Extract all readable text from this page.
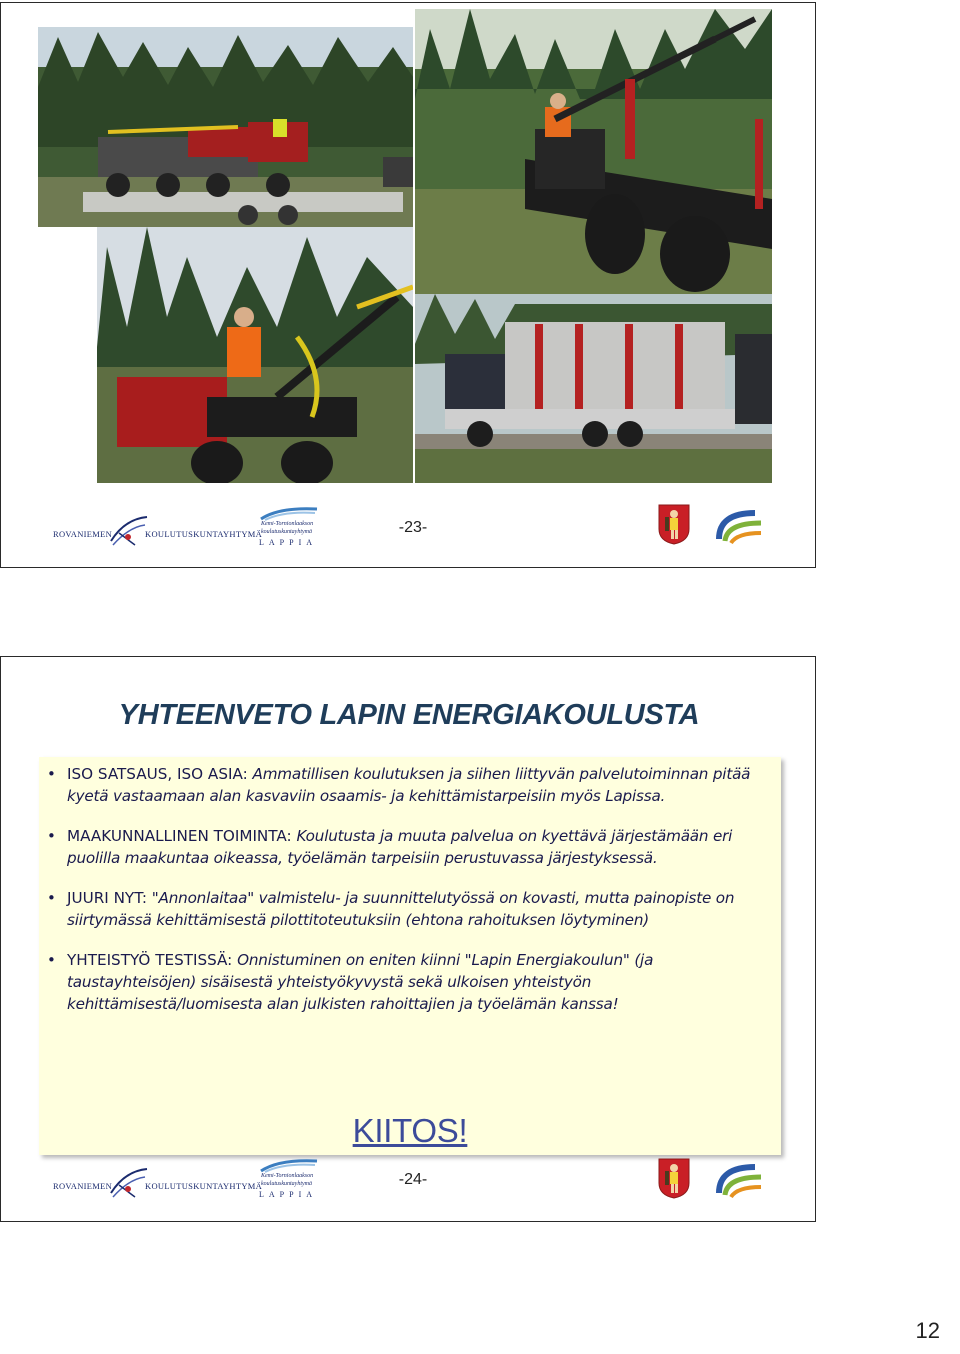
ROVANIEMEN	KOULUTUSKUNTAYHTYMÄ
Kemi-Tornionlaakson
koulutuskuntayhtymä
LAPPIA
-23-
YHTEENVETO LAPIN ENERGIAKOULUSTA
• ISO SATSAUS, ISO ASIA: Ammatillisen koulutuksen ja siihen liittyvän palvelutoiminnan pitää kyetä vastaamaan alan kasvaviin osaamis- ja kehittämistarpeisiin myös Lapissa.
• MAAKUNNALLINEN TOIMINTA: Koulutusta ja muuta palvelua on kyettävä järjestämään eri puolilla maakuntaa oikeassa, työelämän tarpeisiin perustuvassa järjestyksessä.
• JUURI NYT: "Annonlaitaa" valmistelu- ja suunnittelutyössä on kovasti, mutta painopiste on siirtymässä kehittämisestä pilottitoteutuksiin (ehtona rahoituksen löytyminen)
• YHTEISTYÖ TESTISSÄ: Onnistuminen on eniten kiinni "Lapin Energiakoulun" (ja taustayhteisöjen) sisäisestä yhteistyökyvystä sekä ulkoisen yhteistyön kehittämisestä/luomisesta alan julkisten rahoittajien ja työelämän kanssa!
KIITOS!
ROVANIEMEN	KOULUTUSKUNTAYHTYMÄ
Kemi-Tornionlaakson
koulutuskuntayhtymä
LAPPIA
-24-
12
